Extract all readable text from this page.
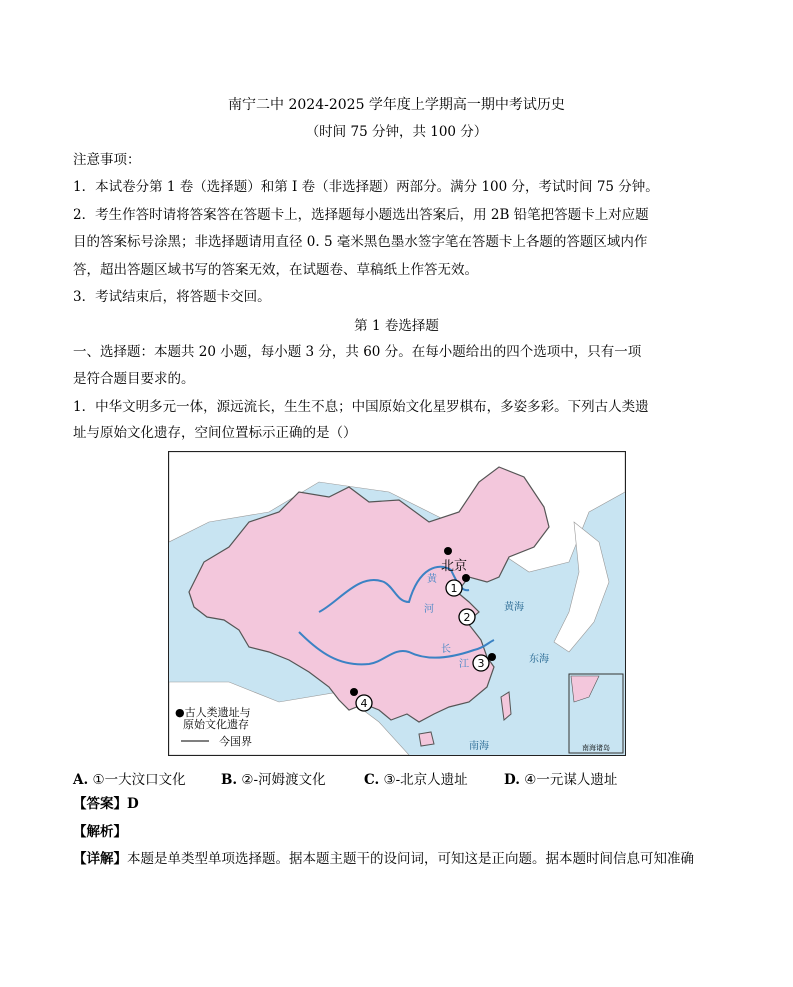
南宁二中 2024-2025 学年度上学期高一期中考试历史
（时间 75 分钟，共 100 分）
注意事项：
1．本试卷分第 1 卷（选择题）和第 I 卷（非选择题）两部分。满分 100 分，考试时间 75 分钟。
2．考生作答时请将答案答在答题卡上，选择题每小题选出答案后，用 2B 铅笔把答题卡上对应题
目的答案标号涂黑；非选择题请用直径 0. 5 毫米黑色墨水签字笔在答题卡上各题的答题区域内作
答，超出答题区域书写的答案无效，在试题卷、草稿纸上作答无效。
3．考试结束后，将答题卡交回。
第 1 卷选择题
一、选择题：本题共 20 小题，每小题 3 分，共 60 分。在每小题给出的四个选项中，只有一项
是符合题目要求的。
1．中华文明多元一体，源远流长，生生不息；中国原始文化星罗棋布，多姿多彩。下列古人类遗
址与原始文化遗存，空间位置标示正确的是（）
1
2
3
4
北京
黄
河
长
江
黄海
东海
南海	南海诸岛
●古人类遗址与
原始文化遗存
今国界
A. ①一大汶口文化	B. ②-河姆渡文化	C. ③-北京人遗址	D. ④一元谋人遗址
【答案】D
【解析】
【详解】本题是单类型单项选择题。据本题主题干的设问词，可知这是正向题。据本题时间信息可知准确
